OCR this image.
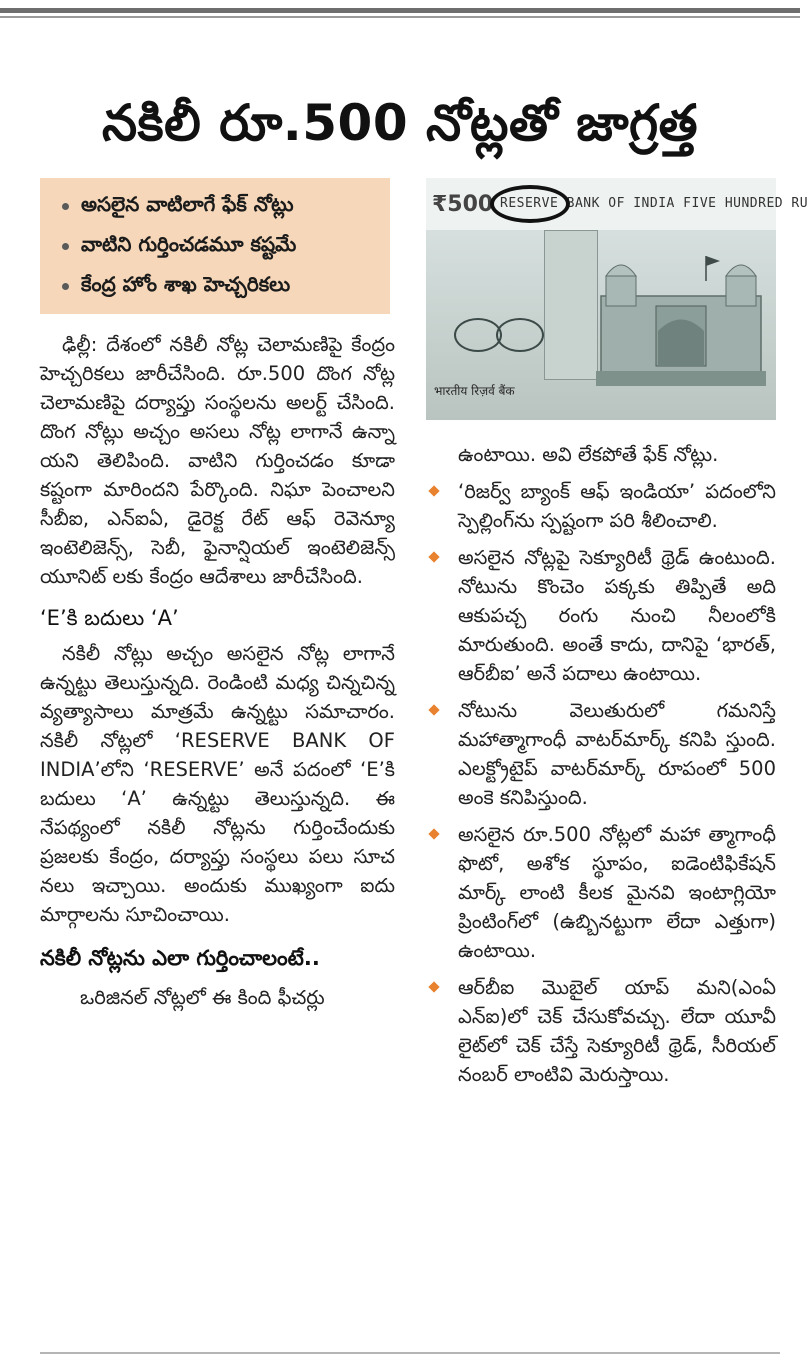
నకిలీ రూ.500 నోట్లతో జాగ్రత్త
అసలైన వాటిలాగే ఫేక్ నోట్లు
వాటిని గుర్తించడమూ కష్టమే
కేంద్ర హోం శాఖ హెచ్చరికలు
₹500 RESERVE BANK OF INDIA FIVE HUNDRED RU
भारतीय रिज़र्व बैंक

ఢిల్లీ: దేశంలో నకిలీ నోట్ల చెలామణిపై కేంద్రం హెచ్చరికలు జారీచేసింది. రూ.500 దొంగ నోట్ల చెలామణిపై దర్యాప్తు సంస్థలను అలర్ట్ చేసింది. దొంగ నోట్లు అచ్చం అసలు నోట్ల లాగానే ఉన్నా యని తెలిపింది. వాటిని గుర్తించడం కూడా కష్టంగా మారిందని పేర్కొంది. నిఘా పెంచాలని సీబీఐ, ఎన్ఐఏ, డైరెక్ట రేట్ ఆఫ్ రెవెన్యూ ఇంటెలిజెన్స్, సెబీ, ఫైనాన్షియల్ ఇంటెలిజెన్స్ యూనిట్ లకు కేంద్రం ఆదేశాలు జారీచేసింది.

‘E’కి బదులు ‘A’

నకిలీ నోట్లు అచ్చం అసలైన నోట్ల లాగానే ఉన్నట్టు తెలుస్తున్నది. రెండింటి మధ్య చిన్నచిన్న వ్యత్యాసాలు మాత్రమే ఉన్నట్టు సమాచారం. నకిలీ నోట్లలో ‘RESERVE BANK OF INDIA’లోని ‘RESERVE’ అనే పదంలో ‘E’కి బదులు ‘A’ ఉన్నట్టు తెలుస్తున్నది. ఈ నేపథ్యంలో నకిలీ నోట్లను గుర్తించేందుకు ప్రజలకు కేంద్రం, దర్యాప్తు సంస్థలు పలు సూచ నలు ఇచ్చాయి. అందుకు ముఖ్యంగా ఐదు మార్గాలను సూచించాయి.

నకిలీ నోట్లను ఎలా గుర్తించాలంటే..

ఒరిజినల్ నోట్లలో ఈ కింది ఫీచర్లు

ఉంటాయి. అవి లేకపోతే ఫేక్ నోట్లు.

‘రిజర్వ్ బ్యాంక్ ఆఫ్ ఇండియా’ పదంలోని స్పెల్లింగ్‌ను స్పష్టంగా పరి శీలించాలి.

అసలైన నోట్లపై సెక్యూరిటీ థ్రెడ్ ఉంటుంది. నోటును కొంచెం పక్కకు తిప్పితే అది ఆకుపచ్చ రంగు నుంచి నీలంలోకి మారుతుంది. అంతే కాదు, దానిపై ‘భారత్, ఆర్‌బీఐ’ అనే పదాలు ఉంటాయి.

నోటును వెలుతురులో గమనిస్తే మహాత్మాగాంధీ వాటర్‌మార్క్ కనిపి స్తుంది. ఎలక్ట్రోటైప్ వాటర్‌మార్క్ రూపంలో 500 అంకె కనిపిస్తుంది.

అసలైన రూ.500 నోట్లలో మహా త్మాగాంధీ ఫొటో, అశోక స్థూపం, ఐడెంటిఫికేషన్ మార్క్ లాంటి కీలక మైనవి ఇంటాగ్లియో ప్రింటింగ్‌లో (ఉబ్బినట్టుగా లేదా ఎత్తుగా) ఉంటాయి.

ఆర్‌బీఐ మొబైల్ యాప్ మని(ఎంఏ ఎన్ఐ)లో చెక్ చేసుకోవచ్చు. లేదా యూవీ లైట్‌లో చెక్ చేస్తే సెక్యూరిటీ థ్రెడ్, సీరియల్ నంబర్ లాంటివి మెరుస్తాయి.
